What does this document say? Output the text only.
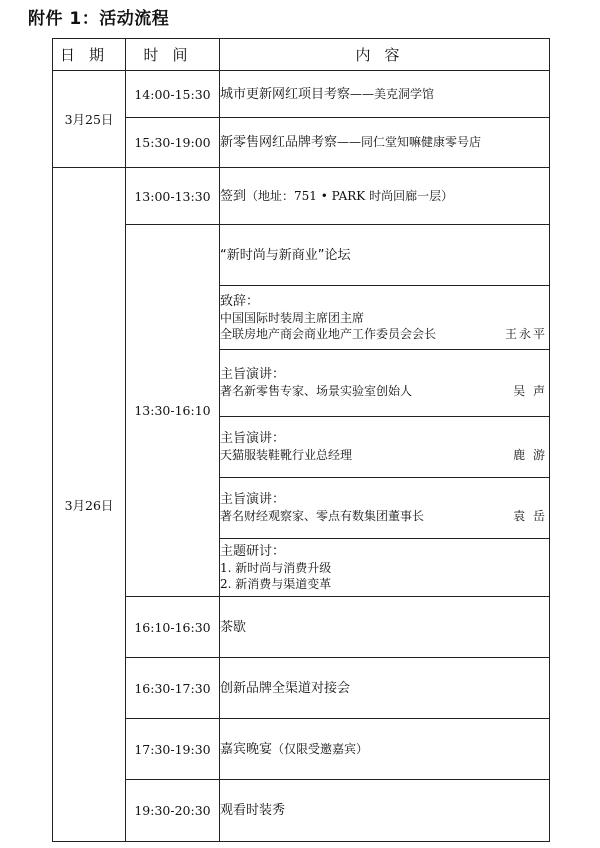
附件 1：活动流程
日期	时间	内容
3月25日	14:00-15:30	城市更新网红项目考察——美克洞学馆
	15:30-19:00	新零售网红品牌考察——同仁堂知嘛健康零号店
3月26日	13:00-13:30	签到（地址：751 • PARK 时尚回廊一层）
	13:30-16:10	“新时尚与新商业”论坛

		致辞：
中国国际时装周主席团主席
全联房地产商会商业地产工作委员会会长 王永平

		主旨演讲：
著名新零售专家、场景实验室创始人 吴 声

		主旨演讲：
天猫服装鞋靴行业总经理 鹿 游

		主旨演讲：
著名财经观察家、零点有数集团董事长 袁 岳

		主题研讨：
1. 新时尚与消费升级
2. 新消费与渠道变革

	16:10-16:30	茶歇
	16:30-17:30	创新品牌全渠道对接会
	17:30-19:30	嘉宾晚宴（仅限受邀嘉宾）
	19:30-20:30	观看时装秀
